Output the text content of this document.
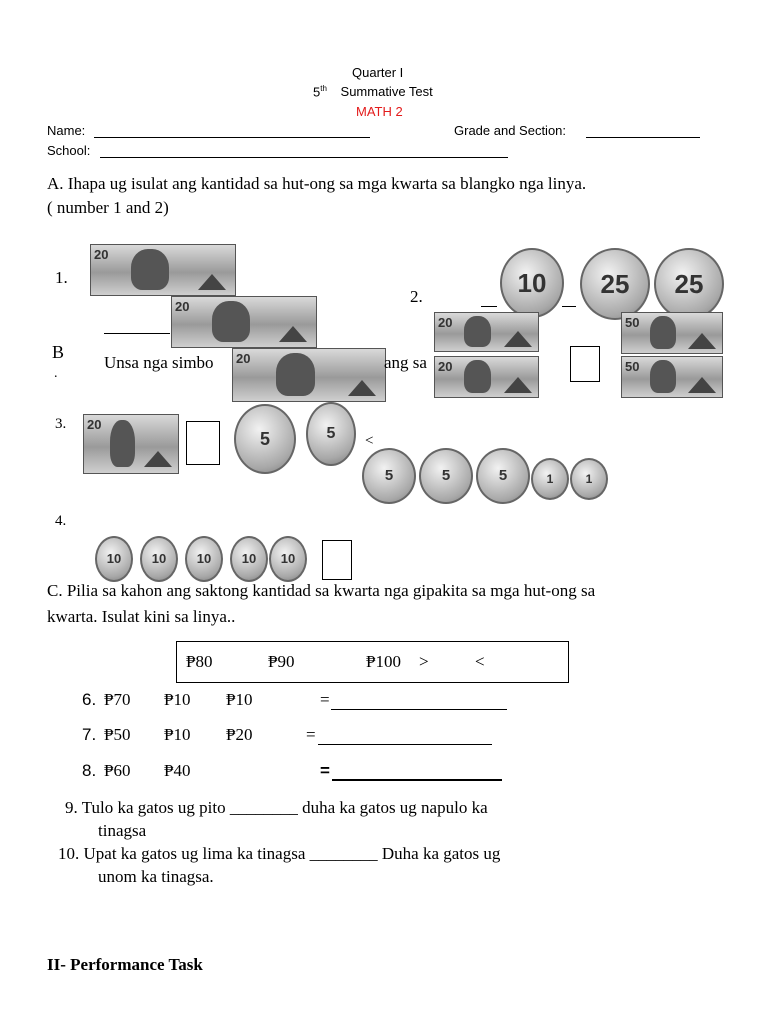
Quarter I
5th Summative Test
MATH 2
Name:	Grade and Section:
School:
A. Ihapa ug isulat ang kantidad sa hut-ong sa mga kwarta sa blangko nga linya.
( number 1 and 2)
1.
20
20
20
2.	10	25	25
20
20
50
50
B
.
Unsa nga simbo	ang sa
3. 20
5	5	<
5	5	5	1	1
4.
10	10	10	10	10
C. Pilia sa kahon ang saktong kantidad sa kwarta nga gipakita sa mga hut-ong sa
kwarta. Isulat kini sa linya..
₱80	₱90	₱100 >	<
6. ₱70 ₱10 ₱10	=
7. ₱50 ₱10 ₱20	=
8. ₱60 ₱40	=
9. Tulo ka gatos ug pito ________ duha ka gatos ug napulo ka
tinagsa
10. Upat ka gatos ug lima ka tinagsa ________ Duha ka gatos ug
unom ka tinagsa.
II- Performance Task
